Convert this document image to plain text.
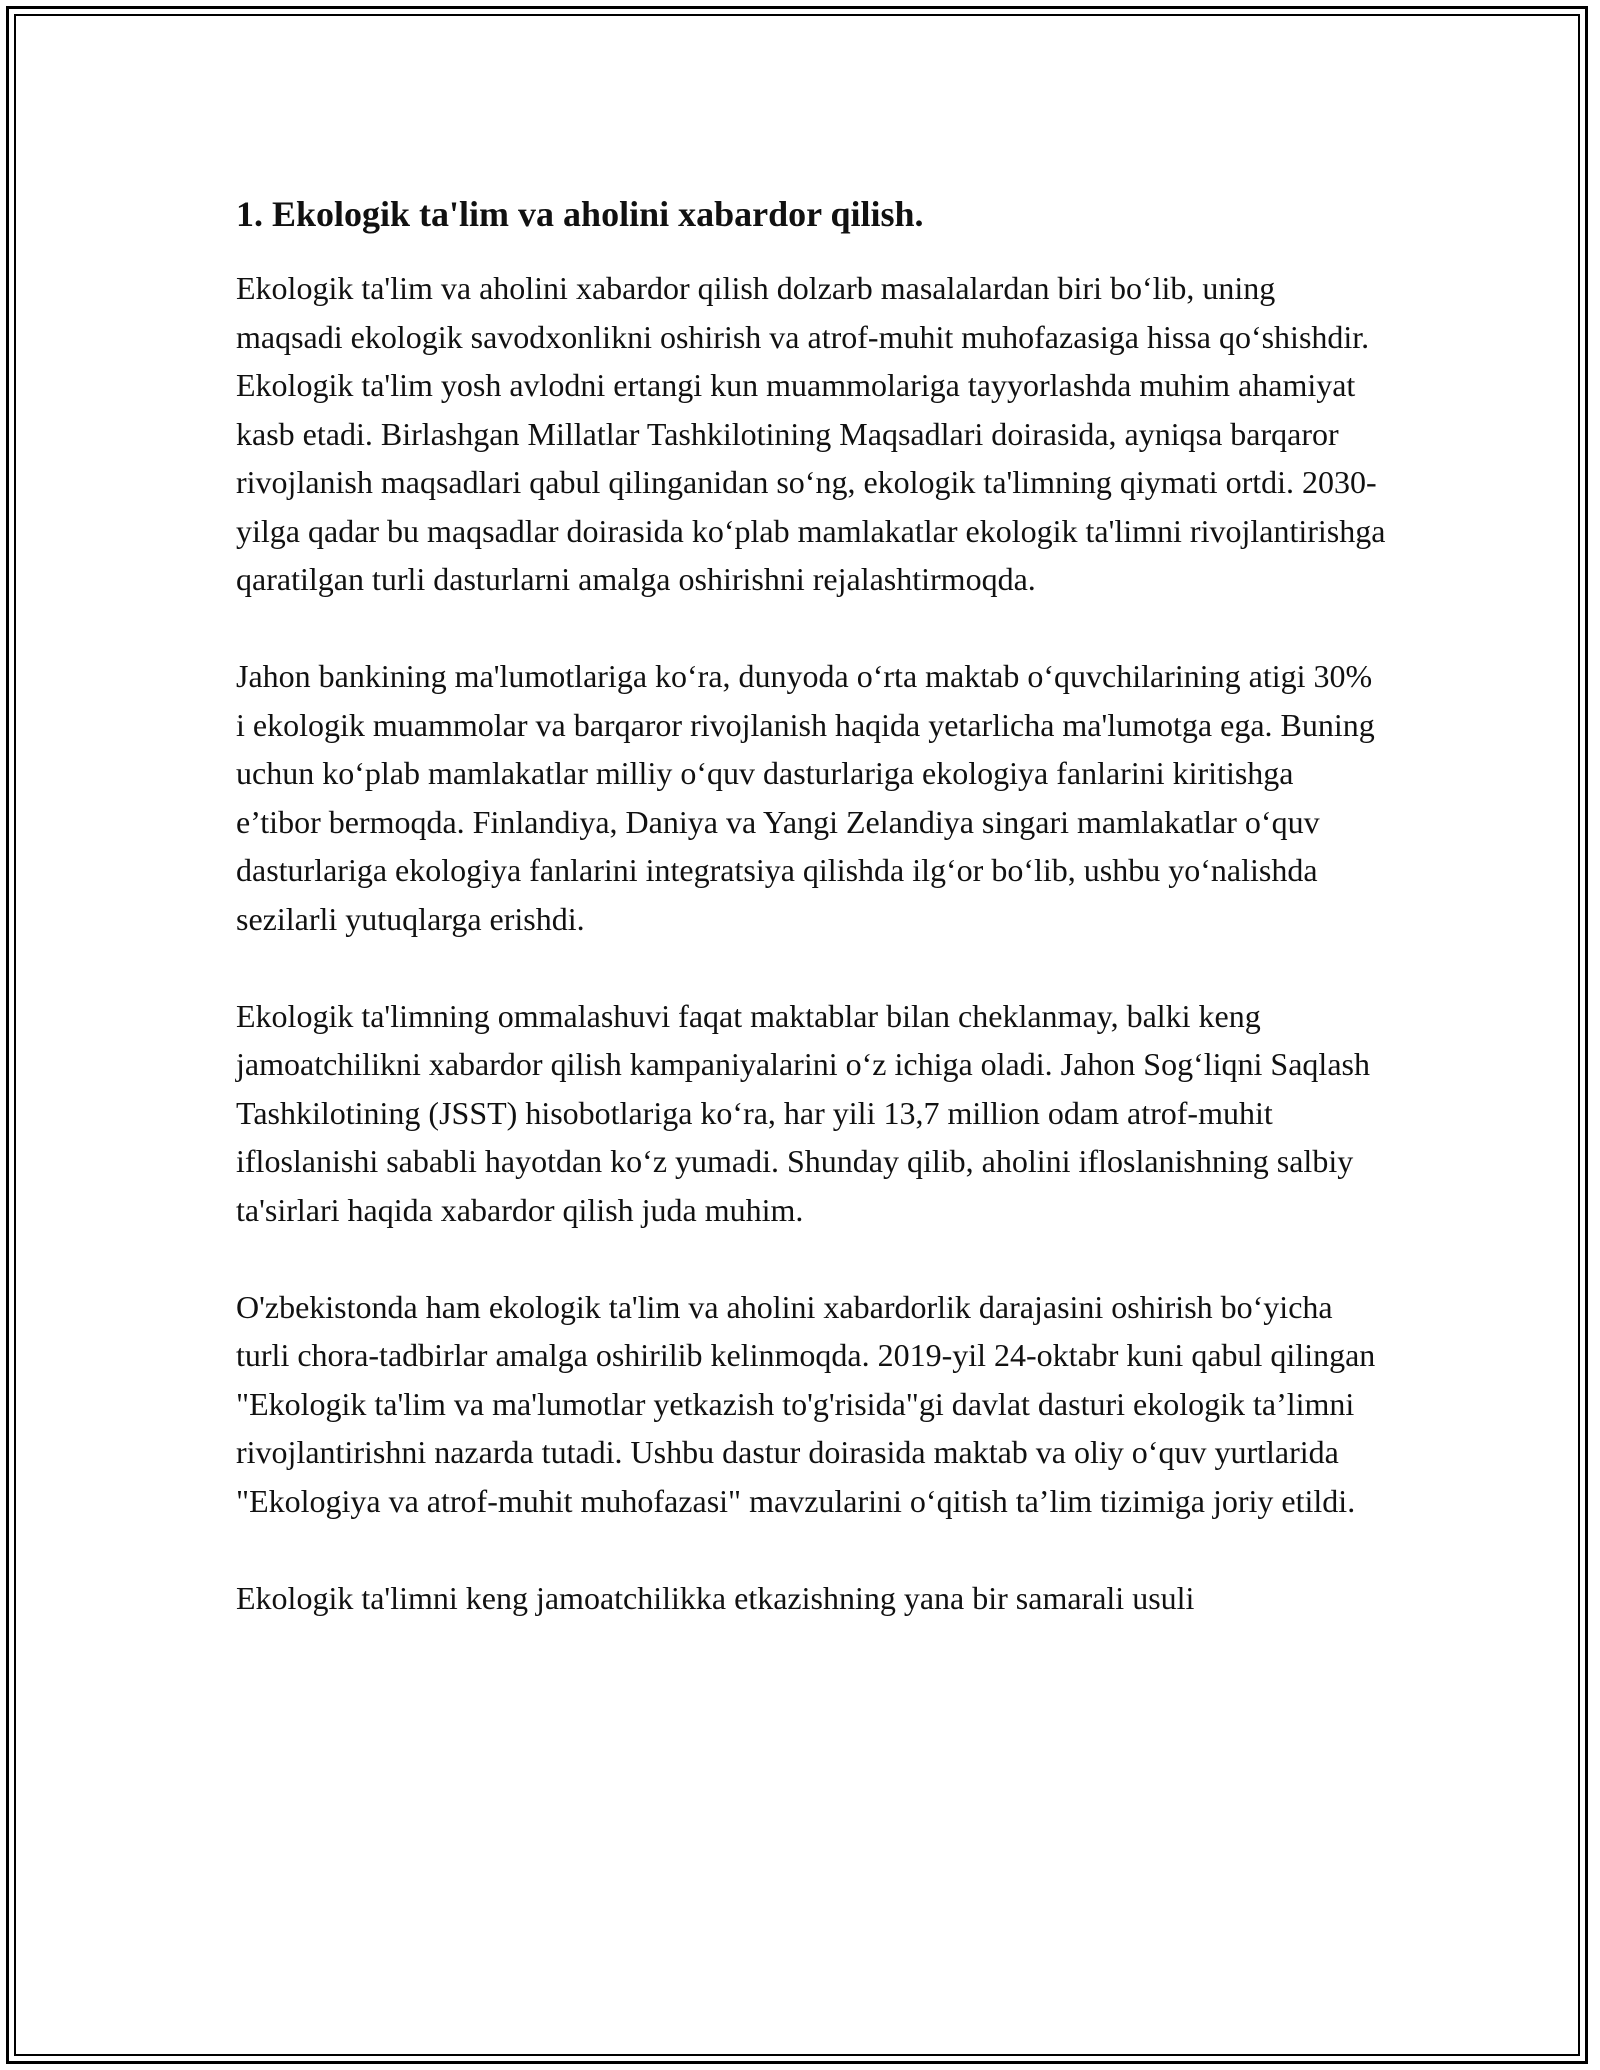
1. Ekologik ta'lim va aholini xabardor qilish.

Ekologik ta'lim va aholini xabardor qilish dolzarb masalalardan biri bo‘lib, uning maqsadi ekologik savodxonlikni oshirish va atrof-muhit muhofazasiga hissa qo‘shishdir. Ekologik ta'lim yosh avlodni ertangi kun muammolariga tayyorlashda muhim ahamiyat kasb etadi. Birlashgan Millatlar Tashkilotining Maqsadlari doirasida, ayniqsa barqaror rivojlanish maqsadlari qabul qilinganidan so‘ng, ekologik ta'limning qiymati ortdi. 2030-yilga qadar bu maqsadlar doirasida ko‘plab mamlakatlar ekologik ta'limni rivojlantirishga qaratilgan turli dasturlarni amalga oshirishni rejalashtirmoqda.

Jahon bankining ma'lumotlariga ko‘ra, dunyoda o‘rta maktab o‘quvchilarining atigi 30% i ekologik muammolar va barqaror rivojlanish haqida yetarlicha ma'lumotga ega. Buning uchun ko‘plab mamlakatlar milliy o‘quv dasturlariga ekologiya fanlarini kiritishga e’tibor bermoqda. Finlandiya, Daniya va Yangi Zelandiya singari mamlakatlar o‘quv dasturlariga ekologiya fanlarini integratsiya qilishda ilg‘or bo‘lib, ushbu yo‘nalishda sezilarli yutuqlarga erishdi.

Ekologik ta'limning ommalashuvi faqat maktablar bilan cheklanmay, balki keng jamoatchilikni xabardor qilish kampaniyalarini o‘z ichiga oladi. Jahon Sog‘liqni Saqlash Tashkilotining (JSST) hisobotlariga ko‘ra, har yili 13,7 million odam atrof-muhit ifloslanishi sababli hayotdan ko‘z yumadi. Shunday qilib, aholini ifloslanishning salbiy ta'sirlari haqida xabardor qilish juda muhim.

O'zbekistonda ham ekologik ta'lim va aholini xabardorlik darajasini oshirish bo‘yicha turli chora-tadbirlar amalga oshirilib kelinmoqda. 2019-yil 24-oktabr kuni qabul qilingan "Ekologik ta'lim va ma'lumotlar yetkazish to'g'risida"gi davlat dasturi ekologik ta’limni rivojlantirishni nazarda tutadi. Ushbu dastur doirasida maktab va oliy o‘quv yurtlarida "Ekologiya va atrof-muhit muhofazasi" mavzularini o‘qitish ta’lim tizimiga joriy etildi.

Ekologik ta'limni keng jamoatchilikka etkazishning yana bir samarali usuli
